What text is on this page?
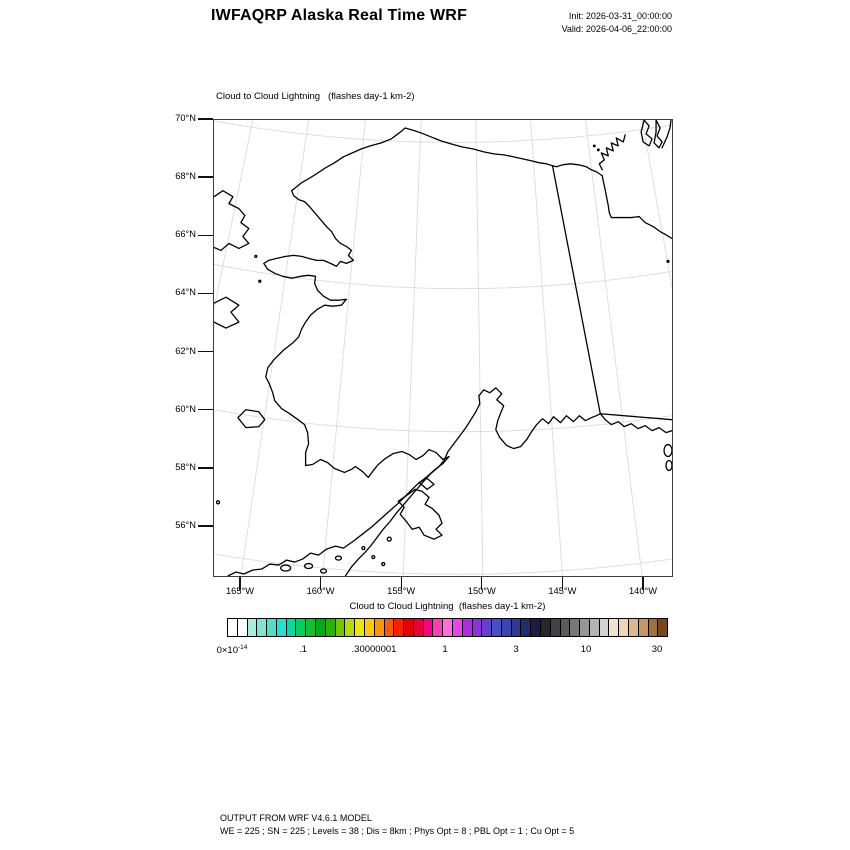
IWFAQRP Alaska Real Time WRF	Init: 2026-03-31_00:00:00
Valid: 2026-04-06_22:00:00
Cloud to Cloud Lightning   (flashes day-1 km-2)
70°N
68°N
66°N
64°N
62°N
60°N
58°N
56°N
165°W	160°W	155°W	150°W	145°W	140°W
Cloud to Cloud Lightning  (flashes day-1 km-2)
$0\times 10^{-14}$	.1	.30000001	1	3	10	30
OUTPUT FROM WRF V4.6.1 MODEL
WE = 225 ; SN = 225 ; Levels = 38 ; Dis = 8km ; Phys Opt = 8 ; PBL Opt = 1 ; Cu Opt = 5
